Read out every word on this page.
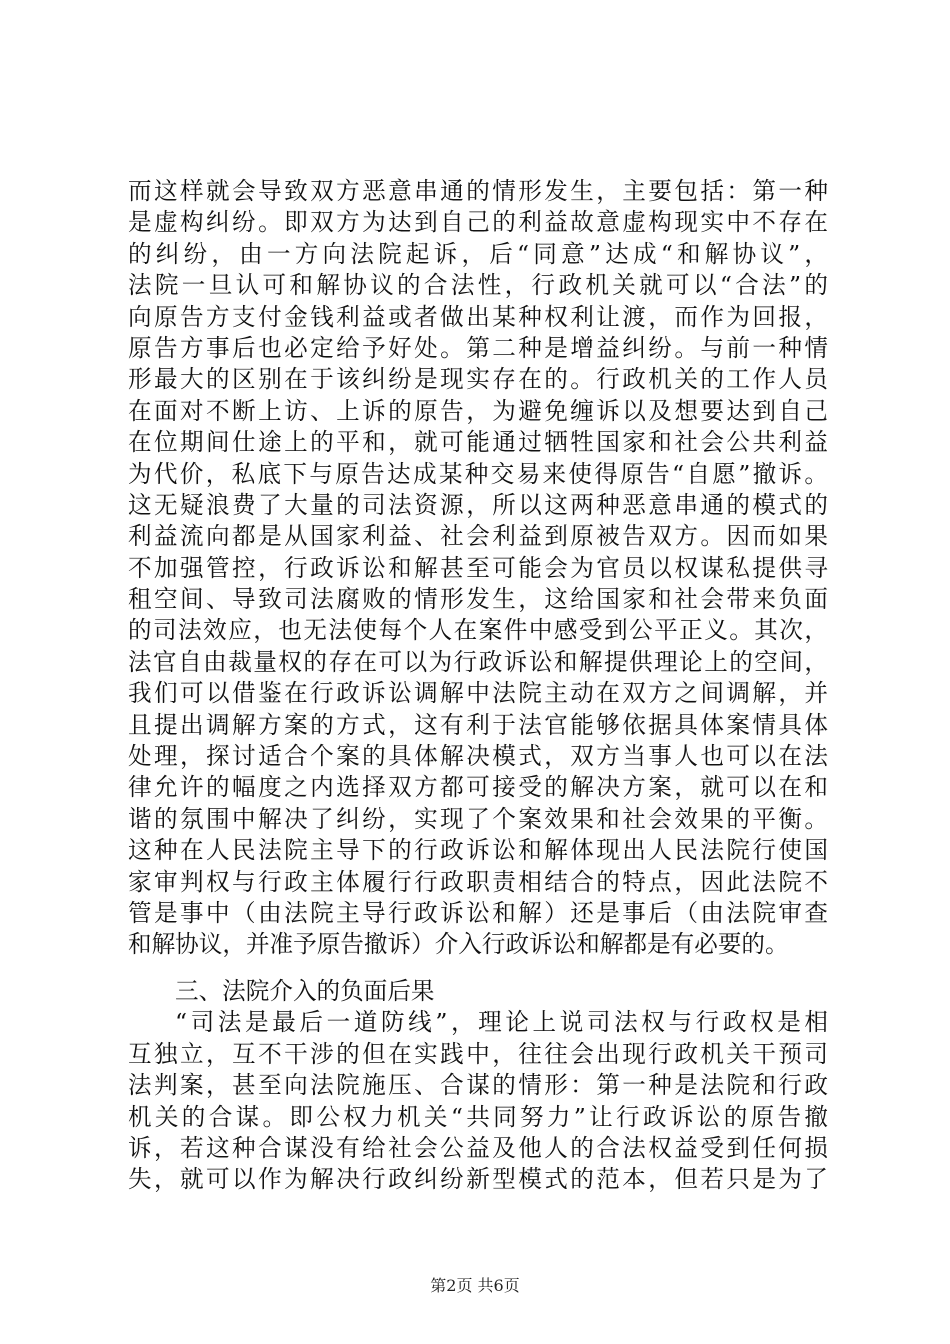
而这样就会导致双方恶意串通的情形发生，主要包括：第一种
是虚构纠纷。即双方为达到自己的利益故意虚构现实中不存在
的纠纷，由一方向法院起诉，后“同意”达成“和解协议”，
法院一旦认可和解协议的合法性，行政机关就可以“合法”的
向原告方支付金钱利益或者做出某种权利让渡，而作为回报，
原告方事后也必定给予好处。第二种是增益纠纷。与前一种情
形最大的区别在于该纠纷是现实存在的。行政机关的工作人员
在面对不断上访、上诉的原告，为避免缠诉以及想要达到自己
在位期间仕途上的平和，就可能通过牺牲国家和社会公共利益
为代价，私底下与原告达成某种交易来使得原告“自愿”撤诉。
这无疑浪费了大量的司法资源，所以这两种恶意串通的模式的
利益流向都是从国家利益、社会利益到原被告双方。因而如果
不加强管控，行政诉讼和解甚至可能会为官员以权谋私提供寻
租空间、导致司法腐败的情形发生，这给国家和社会带来负面
的司法效应，也无法使每个人在案件中感受到公平正义。其次，
法官自由裁量权的存在可以为行政诉讼和解提供理论上的空间，
我们可以借鉴在行政诉讼调解中法院主动在双方之间调解，并
且提出调解方案的方式，这有利于法官能够依据具体案情具体
处理，探讨适合个案的具体解决模式，双方当事人也可以在法
律允许的幅度之内选择双方都可接受的解决方案，就可以在和
谐的氛围中解决了纠纷，实现了个案效果和社会效果的平衡。
这种在人民法院主导下的行政诉讼和解体现出人民法院行使国
家审判权与行政主体履行行政职责相结合的特点，因此法院不
管是事中（由法院主导行政诉讼和解）还是事后（由法院审查
和解协议，并准予原告撤诉）介入行政诉讼和解都是有必要的。
三、法院介入的负面后果
“司法是最后一道防线”，理论上说司法权与行政权是相
互独立，互不干涉的但在实践中，往往会出现行政机关干预司
法判案，甚至向法院施压、合谋的情形：第一种是法院和行政
机关的合谋。即公权力机关“共同努力”让行政诉讼的原告撤
诉，若这种合谋没有给社会公益及他人的合法权益受到任何损
失，就可以作为解决行政纠纷新型模式的范本，但若只是为了
第2页 共6页
